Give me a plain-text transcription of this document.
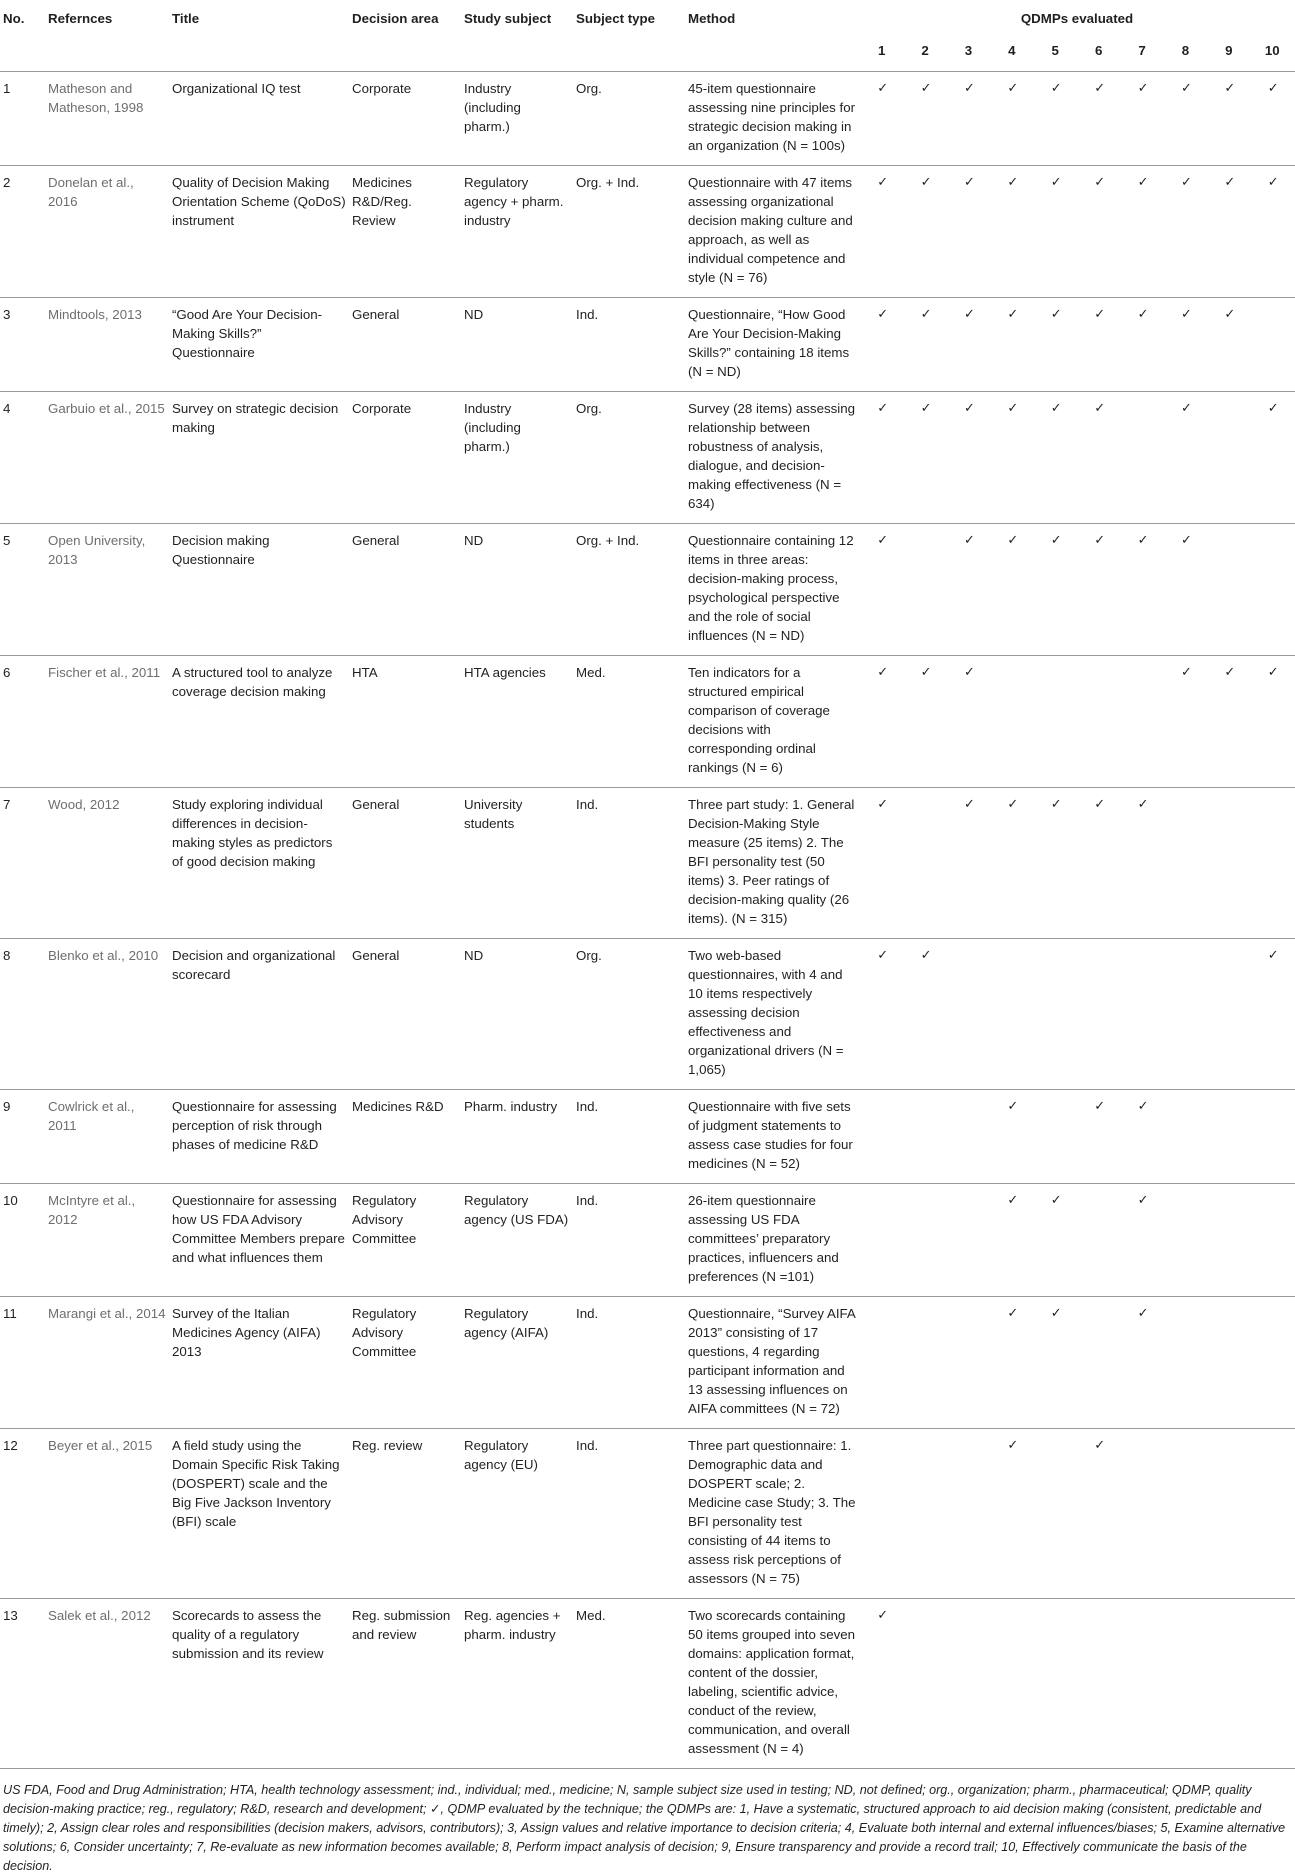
No.	Refernces	Title	Decision area	Study subject	Subject type	Method	QDMPs evaluated									
							1	2	3	4	5	6	7	8	9	10
1	Matheson and Matheson, 1998	Organizational IQ test	Corporate	Industry (including pharm.)	Org.	45-item questionnaire assessing nine principles for strategic decision making in an organization (N = 100s)	✓	✓	✓	✓	✓	✓	✓	✓	✓	✓
2	Donelan et al., 2016	Quality of Decision Making Orientation Scheme (QoDoS) instrument	Medicines R&D/Reg. Review	Regulatory agency + pharm. industry	Org. + Ind.	Questionnaire with 47 items assessing organizational decision making culture and approach, as well as individual competence and style (N = 76)	✓	✓	✓	✓	✓	✓	✓	✓	✓	✓
3	Mindtools, 2013	“Good Are Your Decision-Making Skills?” Questionnaire	General	ND	Ind.	Questionnaire, “How Good Are Your Decision-Making Skills?” containing 18 items (N = ND)	✓	✓	✓	✓	✓	✓	✓	✓	✓	
4	Garbuio et al., 2015	Survey on strategic decision making	Corporate	Industry (including pharm.)	Org.	Survey (28 items) assessing relationship between robustness of analysis, dialogue, and decision-making effectiveness (N = 634)	✓	✓	✓	✓	✓	✓		✓		✓
5	Open University, 2013	Decision making Questionnaire	General	ND	Org. + Ind.	Questionnaire containing 12 items in three areas: decision-making process, psychological perspective and the role of social influences (N = ND)	✓		✓	✓	✓	✓	✓	✓		
6	Fischer et al., 2011	A structured tool to analyze coverage decision making	HTA	HTA agencies	Med.	Ten indicators for a structured empirical comparison of coverage decisions with corresponding ordinal rankings (N = 6)	✓	✓	✓					✓	✓	✓
7	Wood, 2012	Study exploring individual differences in decision-making styles as predictors of good decision making	General	University students	Ind.	Three part study: 1. General Decision-Making Style measure (25 items) 2. The BFI personality test (50 items) 3. Peer ratings of decision-making quality (26 items). (N = 315)	✓		✓	✓	✓	✓	✓			
8	Blenko et al., 2010	Decision and organizational scorecard	General	ND	Org.	Two web-based questionnaires, with 4 and 10 items respectively assessing decision effectiveness and organizational drivers (N = 1,065)	✓	✓								✓
9	Cowlrick et al., 2011	Questionnaire for assessing perception of risk through phases of medicine R&D	Medicines R&D	Pharm. industry	Ind.	Questionnaire with five sets of judgment statements to assess case studies for four medicines (N = 52)				✓		✓	✓			
10	McIntyre et al., 2012	Questionnaire for assessing how US FDA Advisory Committee Members prepare and what influences them	Regulatory Advisory Committee	Regulatory agency (US FDA)	Ind.	26-item questionnaire assessing US FDA committees’ preparatory practices, influencers and preferences (N =101)				✓	✓		✓			
11	Marangi et al., 2014	Survey of the Italian Medicines Agency (AIFA) 2013	Regulatory Advisory Committee	Regulatory agency (AIFA)	Ind.	Questionnaire, “Survey AIFA 2013” consisting of 17 questions, 4 regarding participant information and 13 assessing influences on AIFA committees (N = 72)				✓	✓		✓			
12	Beyer et al., 2015	A field study using the Domain Specific Risk Taking (DOSPERT) scale and the Big Five Jackson Inventory (BFI) scale	Reg. review	Regulatory agency (EU)	Ind.	Three part questionnaire: 1. Demographic data and DOSPERT scale; 2. Medicine case Study; 3. The BFI personality test consisting of 44 items to assess risk perceptions of assessors (N = 75)				✓		✓				
13	Salek et al., 2012	Scorecards to assess the quality of a regulatory submission and its review	Reg. submission and review	Reg. agencies + pharm. industry	Med.	Two scorecards containing 50 items grouped into seven domains: application format, content of the dossier, labeling, scientific advice, conduct of the review, communication, and overall assessment (N = 4)	✓									
US FDA, Food and Drug Administration; HTA, health technology assessment; ind., individual; med., medicine; N, sample subject size used in testing; ND, not defined; org., organization; pharm., pharmaceutical; QDMP, quality decision-making practice; reg., regulatory; R&D, research and development; ✓, QDMP evaluated by the technique; the QDMPs are: 1, Have a systematic, structured approach to aid decision making (consistent, predictable and timely); 2, Assign clear roles and responsibilities (decision makers, advisors, contributors); 3, Assign values and relative importance to decision criteria; 4, Evaluate both internal and external influences/biases; 5, Examine alternative solutions; 6, Consider uncertainty; 7, Re-evaluate as new information becomes available; 8, Perform impact analysis of decision; 9, Ensure transparency and provide a record trail; 10, Effectively communicate the basis of the decision.
